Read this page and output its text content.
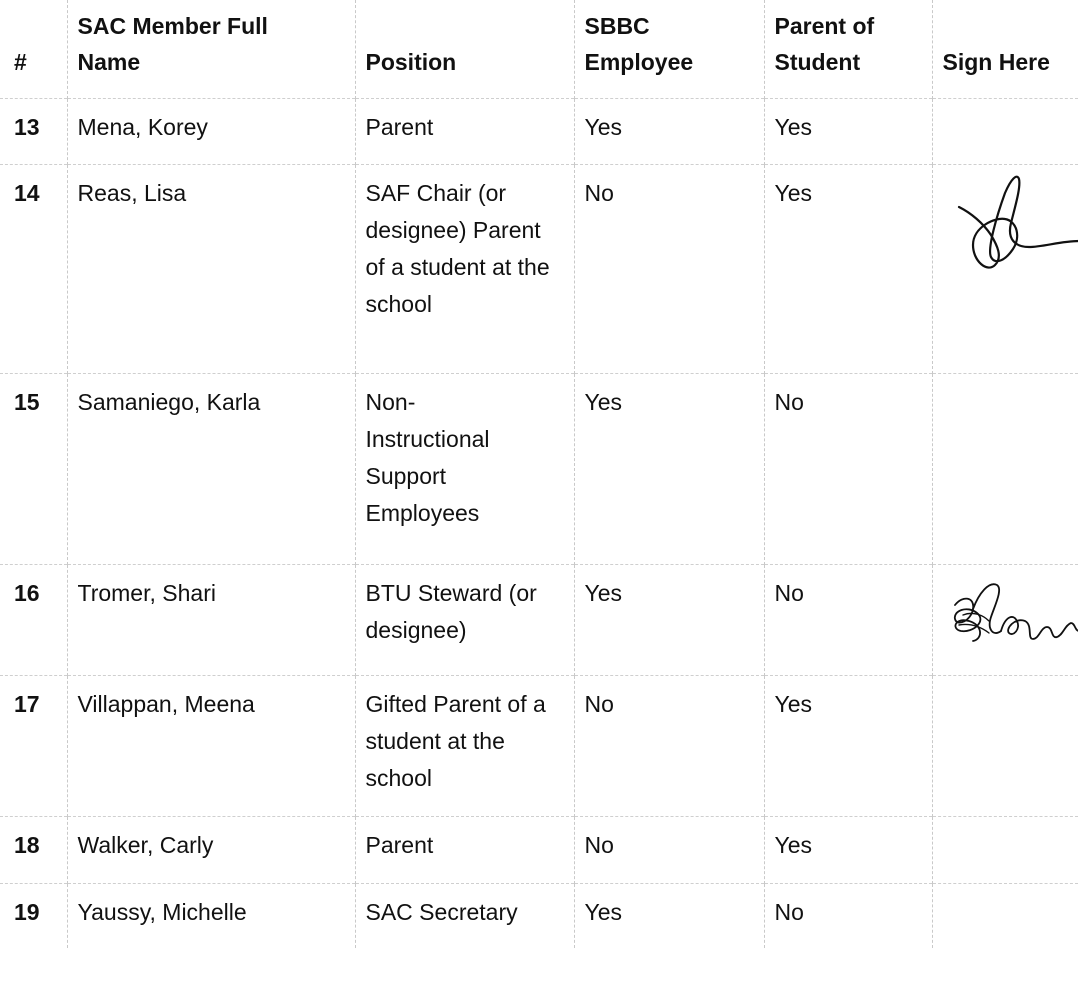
#	SAC Member Full Name	Position	SBBC Employee	Parent of Student	Sign Here
13	Mena, Korey	Parent	Yes	Yes	
14	Reas, Lisa	SAF Chair (or designee) Parent of a student at the school	No	Yes	

15	Samaniego, Karla	Non-Instructional Support Employees	Yes	No	
16	Tromer, Shari	BTU Steward (or designee)	Yes	No	

17	Villappan, Meena	Gifted Parent of a student at the school	No	Yes	
18	Walker, Carly	Parent	No	Yes	
19	Yaussy, Michelle	SAC Secretary	Yes	No	
